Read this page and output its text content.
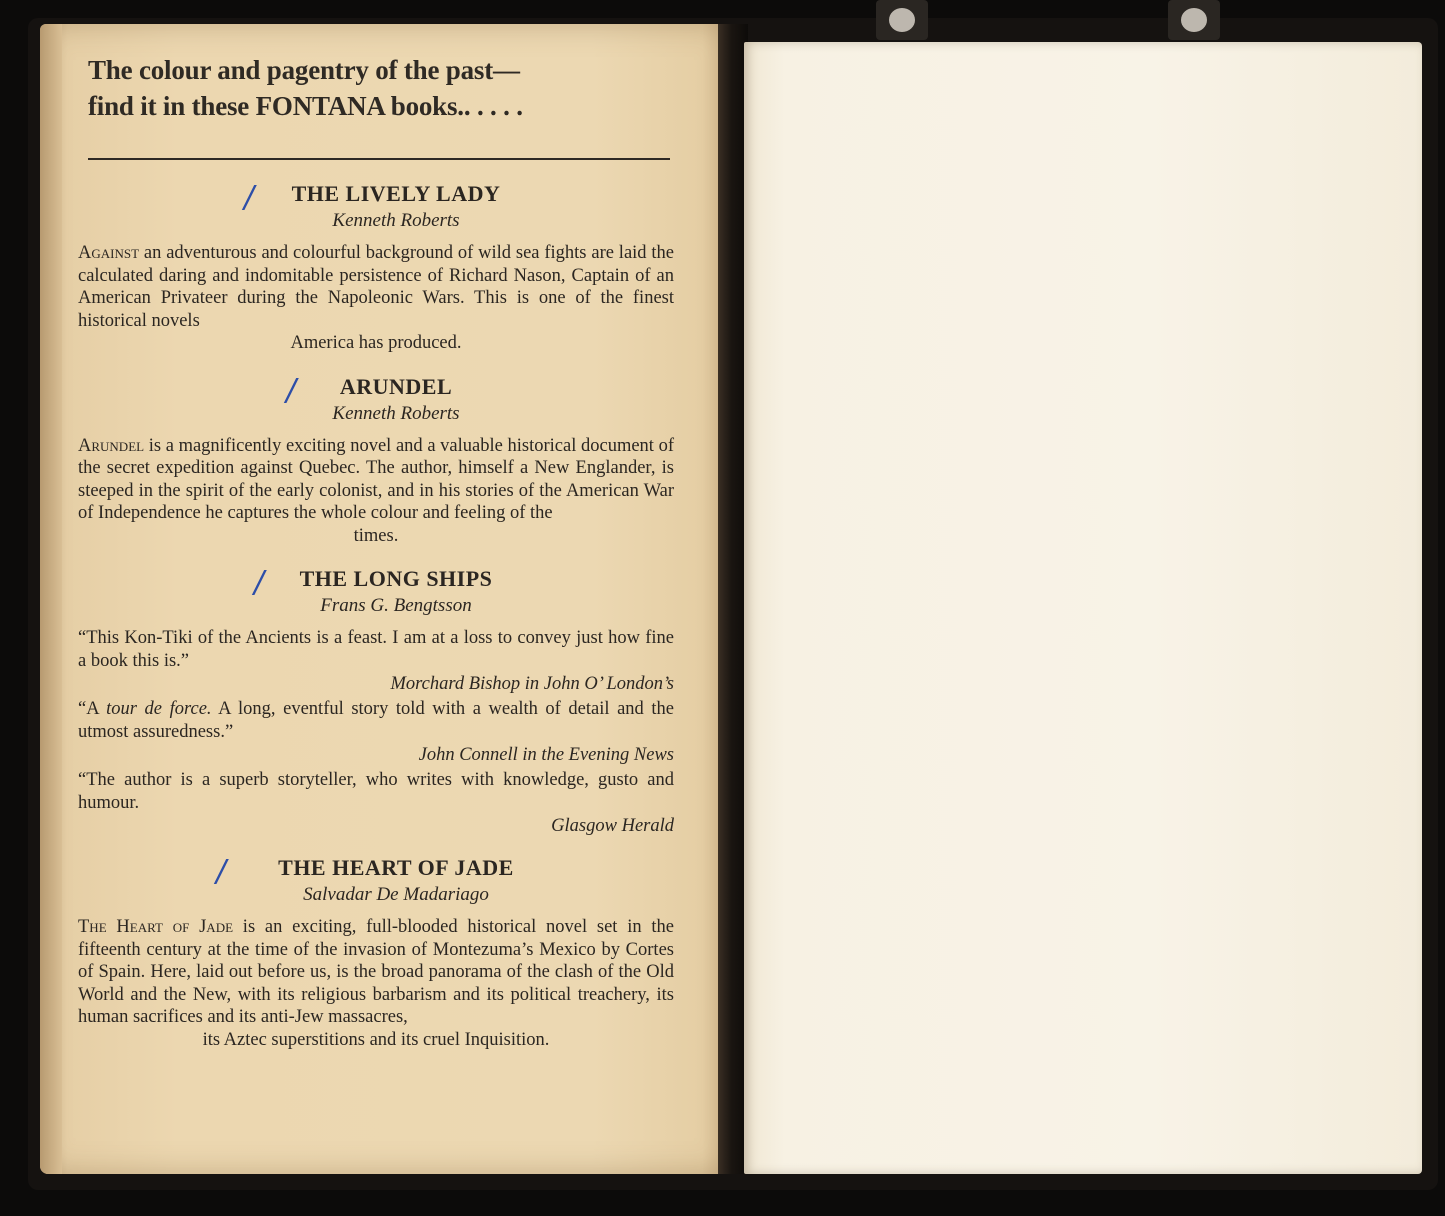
The colour and pagentry of the past—
find it in these FONTANA books.. . . . .
/	THE LIVELY LADY
Kenneth Roberts
Against an adventurous and colourful background of wild sea fights are laid the calculated daring and indomitable persistence of Richard Nason, Captain of an American Privateer during the Napoleonic Wars. This is one of the finest historical novels
America has produced.
/	ARUNDEL
Kenneth Roberts
Arundel is a magnificently exciting novel and a valuable historical document of the secret expedition against Quebec. The author, himself a New Englander, is steeped in the spirit of the early colonist, and in his stories of the American War of Independence he captures the whole colour and feeling of the
times.
/	THE LONG SHIPS
Frans G. Bengtsson
“This Kon-Tiki of the Ancients is a feast. I am at a loss to convey just how fine a book this is.”
Morchard Bishop in John O’ London’s
“A tour de force. A long, eventful story told with a wealth of detail and the utmost assuredness.”
John Connell in the Evening News
“The author is a superb storyteller, who writes with knowledge, gusto and humour.
Glasgow Herald
/	THE HEART OF JADE
Salvadar De Madariago
The Heart of Jade is an exciting, full-blooded historical novel set in the fifteenth century at the time of the invasion of Montezuma’s Mexico by Cortes of Spain. Here, laid out before us, is the broad panorama of the clash of the Old World and the New, with its religious barbarism and its political treachery, its human sacrifices and its anti-Jew massacres,
its Aztec superstitions and its cruel Inquisition.
